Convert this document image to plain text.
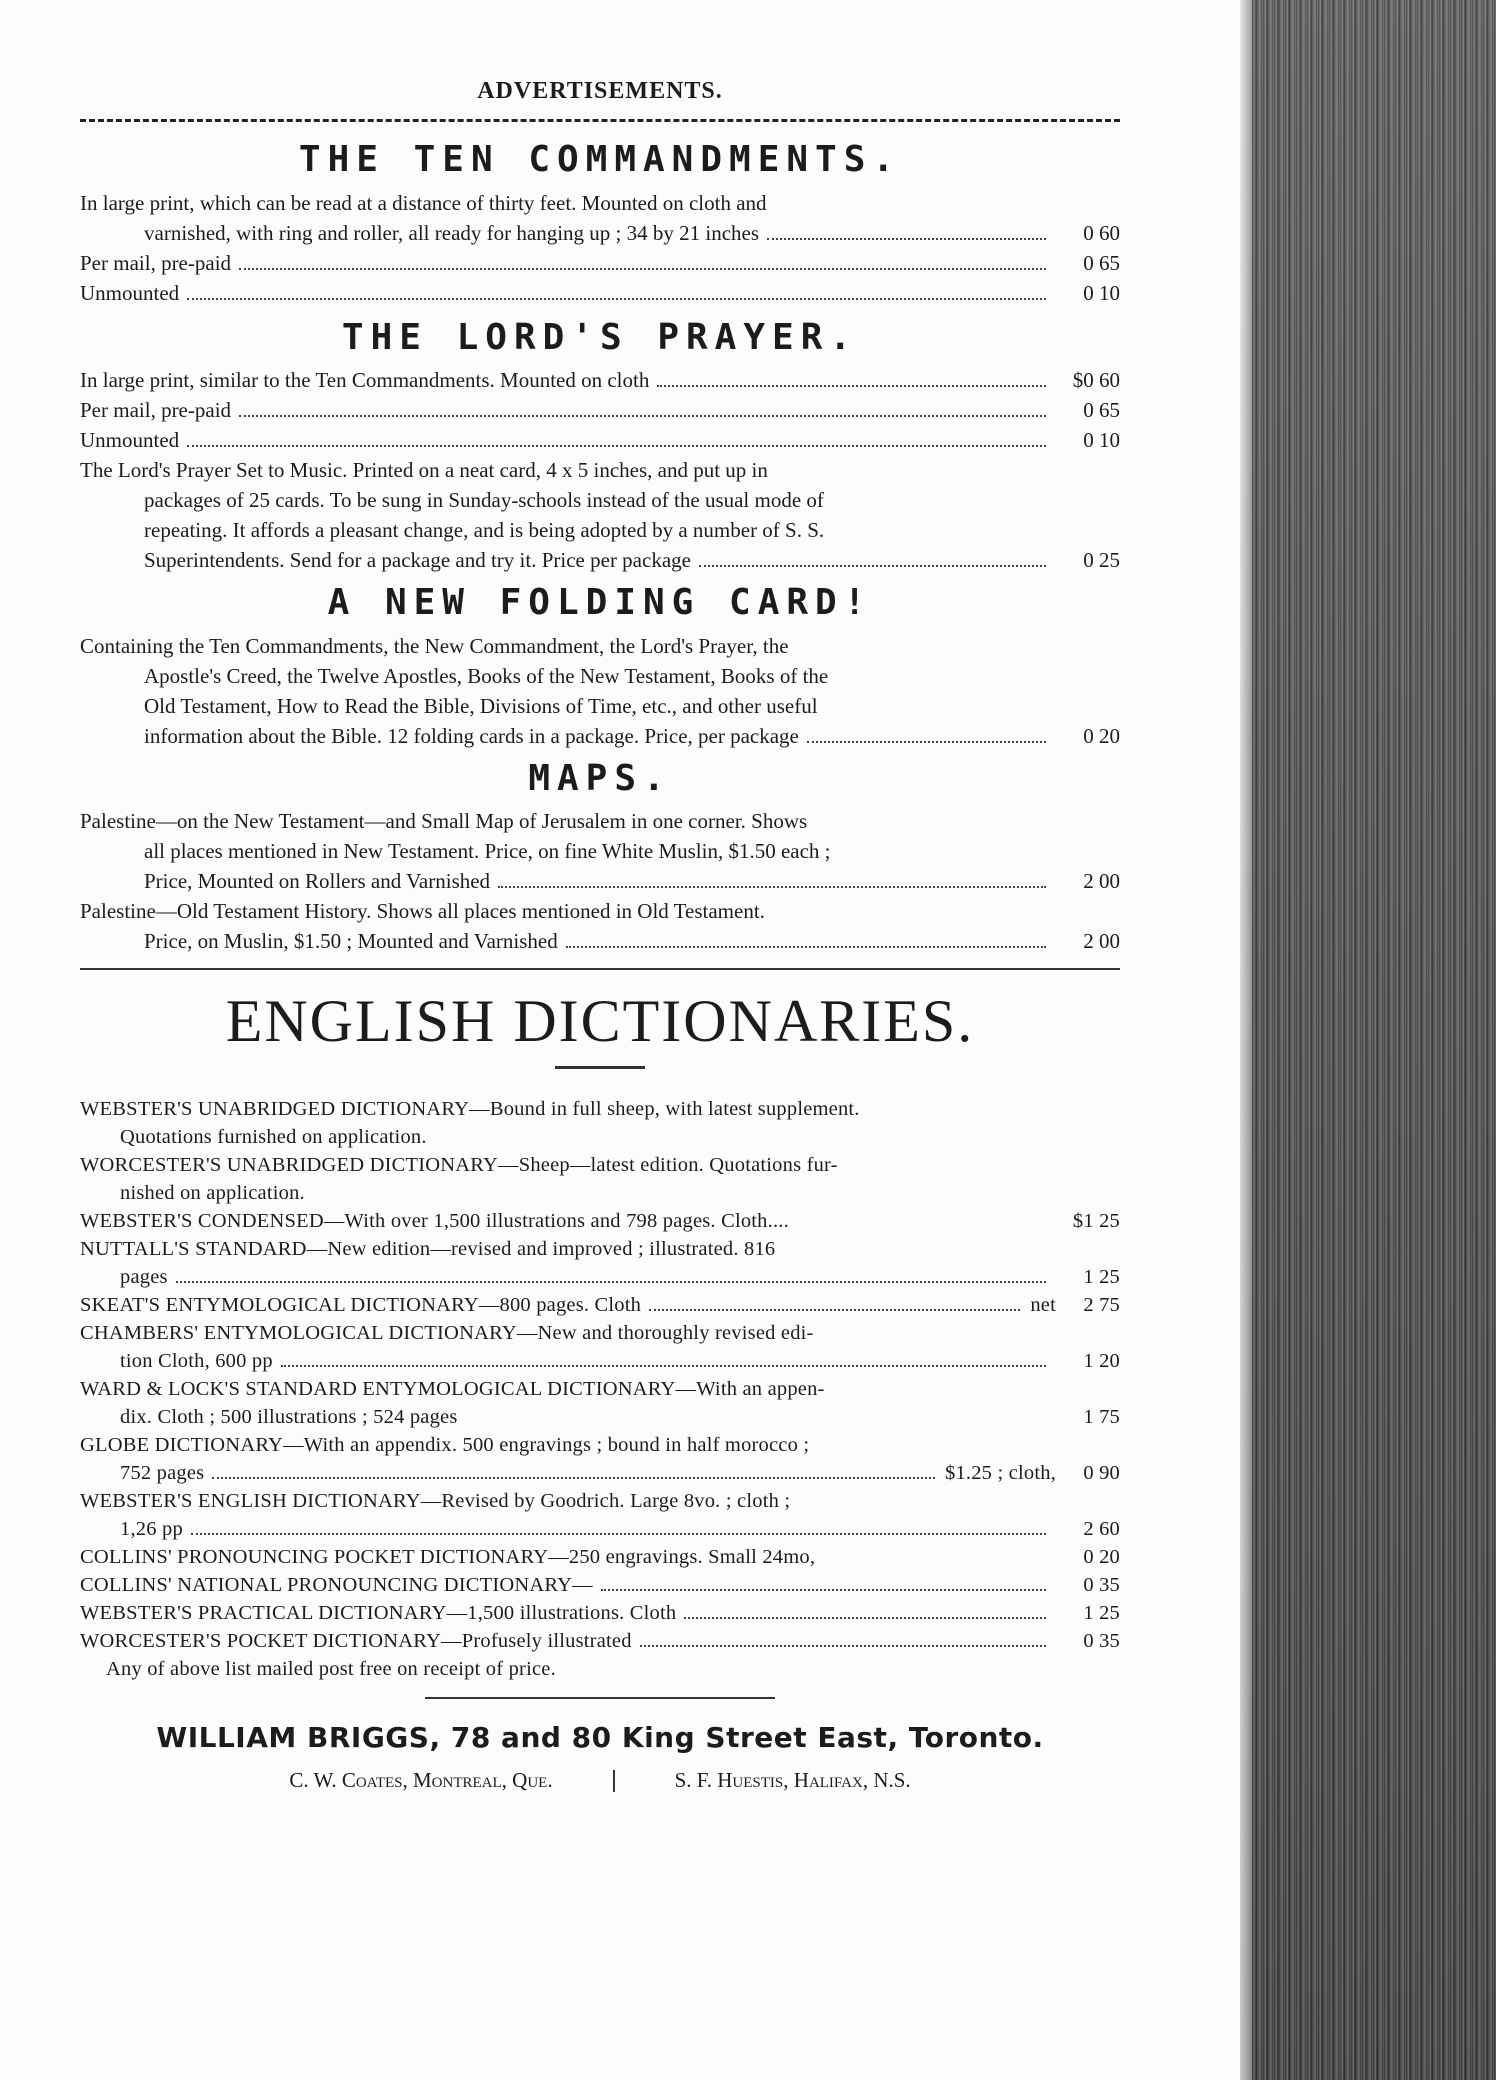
ADVERTISEMENTS.
THE TEN COMMANDMENTS.
In large print, which can be read at a distance of thirty feet. Mounted on cloth and
varnished, with ring and roller, all ready for hanging up ; 34 by 21 inches	0 60
Per mail, pre-paid	0 65
Unmounted	0 10
THE LORD'S PRAYER.
In large print, similar to the Ten Commandments. Mounted on cloth	$0 60
Per mail, pre-paid	0 65
Unmounted	0 10
The Lord's Prayer Set to Music. Printed on a neat card, 4 x 5 inches, and put up in
packages of 25 cards. To be sung in Sunday-schools instead of the usual mode of
repeating. It affords a pleasant change, and is being adopted by a number of S. S.
Superintendents. Send for a package and try it. Price per package	0 25
A NEW FOLDING CARD!
Containing the Ten Commandments, the New Commandment, the Lord's Prayer, the
Apostle's Creed, the Twelve Apostles, Books of the New Testament, Books of the
Old Testament, How to Read the Bible, Divisions of Time, etc., and other useful
information about the Bible. 12 folding cards in a package. Price, per package	0 20
MAPS.
Palestine—on the New Testament—and Small Map of Jerusalem in one corner. Shows
all places mentioned in New Testament. Price, on fine White Muslin, $1.50 each ;
Price, Mounted on Rollers and Varnished	2 00
Palestine—Old Testament History. Shows all places mentioned in Old Testament.
Price, on Muslin, $1.50 ; Mounted and Varnished	2 00
ENGLISH DICTIONARIES.
WEBSTER'S UNABRIDGED DICTIONARY—Bound in full sheep, with latest supplement.
Quotations furnished on application.
WORCESTER'S UNABRIDGED DICTIONARY—Sheep—latest edition. Quotations fur-
nished on application.
WEBSTER'S CONDENSED—With over 1,500 illustrations and 798 pages. Cloth....	$1 25
NUTTALL'S STANDARD—New edition—revised and improved ; illustrated. 816
pages	1 25
SKEAT'S ENTYMOLOGICAL DICTIONARY—800 pages. Cloth	net	2 75
CHAMBERS' ENTYMOLOGICAL DICTIONARY—New and thoroughly revised edi-
tion Cloth, 600 pp	1 20
WARD & LOCK'S STANDARD ENTYMOLOGICAL DICTIONARY—With an appen-
dix. Cloth ; 500 illustrations ; 524 pages	1 75
GLOBE DICTIONARY—With an appendix. 500 engravings ; bound in half morocco ;
752 pages	$1.25 ; cloth,	0 90
WEBSTER'S ENGLISH DICTIONARY—Revised by Goodrich. Large 8vo. ; cloth ;
1,26 pp	2 60
COLLINS' PRONOUNCING POCKET DICTIONARY—250 engravings. Small 24mo,	0 20
COLLINS' NATIONAL PRONOUNCING DICTIONARY—	0 35
WEBSTER'S PRACTICAL DICTIONARY—1,500 illustrations. Cloth	1 25
WORCESTER'S POCKET DICTIONARY—Profusely illustrated	0 35
Any of above list mailed post free on receipt of price.
WILLIAM BRIGGS, 78 and 80 King Street East, Toronto.
C. W. Coates, Montreal, Que.	S. F. Huestis, Halifax, N.S.
